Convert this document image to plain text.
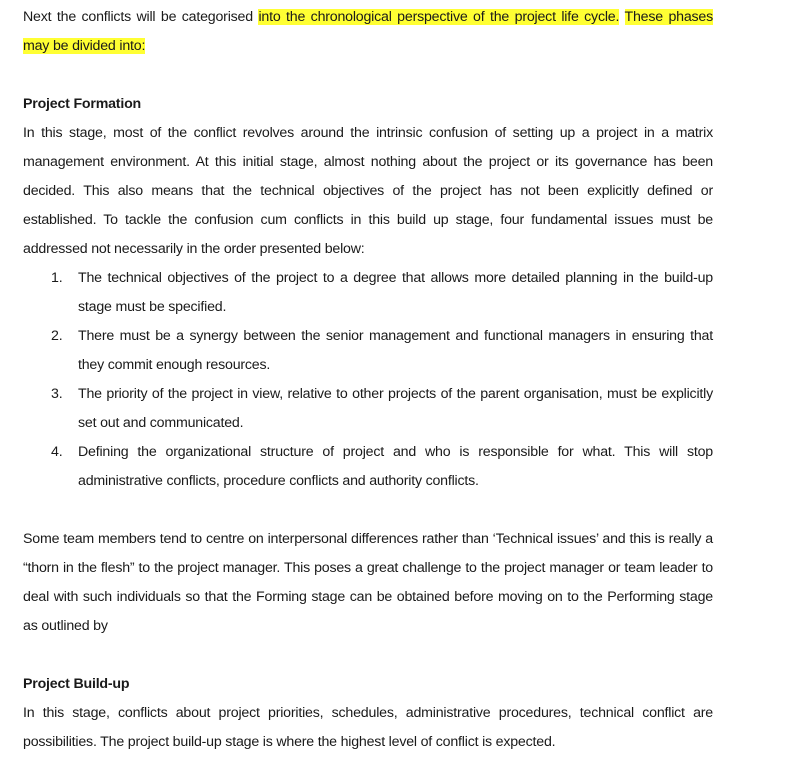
Next the conflicts will be categorised into the chronological perspective of the project life cycle. These phases may be divided into:

Project Formation

In this stage, most of the conflict revolves around the intrinsic confusion of setting up a project in a matrix management environment. At this initial stage, almost nothing about the project or its governance has been decided. This also means that the technical objectives of the project has not been explicitly defined or established. To tackle the confusion cum conflicts in this build up stage, four fundamental issues must be addressed not necessarily in the order presented below:

1. The technical objectives of the project to a degree that allows more detailed planning in the build-up stage must be specified.
2. There must be a synergy between the senior management and functional managers in ensuring that they commit enough resources.
3. The priority of the project in view, relative to other projects of the parent organisation, must be explicitly set out and communicated.
4. Defining the organizational structure of project and who is responsible for what. This will stop administrative conflicts, procedure conflicts and authority conflicts.

Some team members tend to centre on interpersonal differences rather than ‘Technical issues’ and this is really a “thorn in the flesh” to the project manager. This poses a great challenge to the project manager or team leader to deal with such individuals so that the Forming stage can be obtained before moving on to the Performing stage as outlined by

Project Build-up

In this stage, conflicts about project priorities, schedules, administrative procedures, technical conflict are possibilities. The project build-up stage is where the highest level of conflict is expected.
